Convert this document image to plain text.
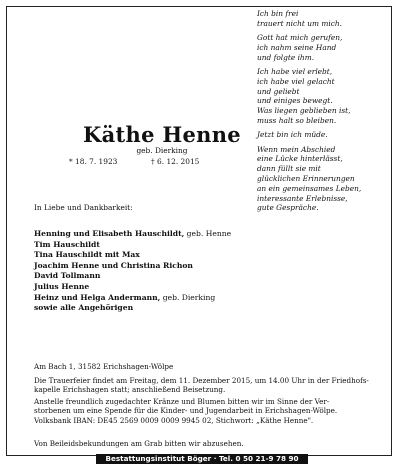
Ich bin frei
trauert nicht um mich.
Gott hat mich gerufen,
ich nahm seine Hand
und folgte ihm.
Ich habe viel erlebt,
ich habe viel gelacht
und geliebt
und einiges bewegt.
Was liegen geblieben ist,
muss halt so bleiben.
Jetzt bin ich müde.
Wenn mein Abschied
eine Lücke hinterlässt,
dann füllt sie mit
glücklichen Erinnerungen
an ein gemeinsames Leben,
interessante Erlebnisse,
gute Gespräche.
Käthe Henne
geb. Dierking
* 18. 7. 1923	† 6. 12. 2015
In Liebe und Dankbarkeit:
Henning und Elisabeth Hauschildt, geb. Henne
Tim Hauschildt
Tina Hauschildt mit Max
Joachim Henne und Christina Richon
David Tollmann
Julius Henne
Heinz und Helga Andermann, geb. Dierking
sowie alle Angehörigen
Am Bach 1, 31582 Erichshagen-Wölpe
Die Trauerfeier findet am Freitag, dem 11. Dezember 2015, um 14.00 Uhr in der Friedhofs-
kapelle Erichshagen statt; anschließend Beisetzung.
Anstelle freundlich zugedachter Kränze und Blumen bitten wir im Sinne der Ver-
storbenen um eine Spende für die Kinder- und Jugendarbeit in Erichshagen-Wölpe.
Volksbank IBAN: DE45 2569 0009 0009 9945 02, Stichwort: „Käthe Henne".
Von Beileidsbekundungen am Grab bitten wir abzusehen.
Bestattungsinstitut Böger · Tel. 0 50 21-9 78 90
